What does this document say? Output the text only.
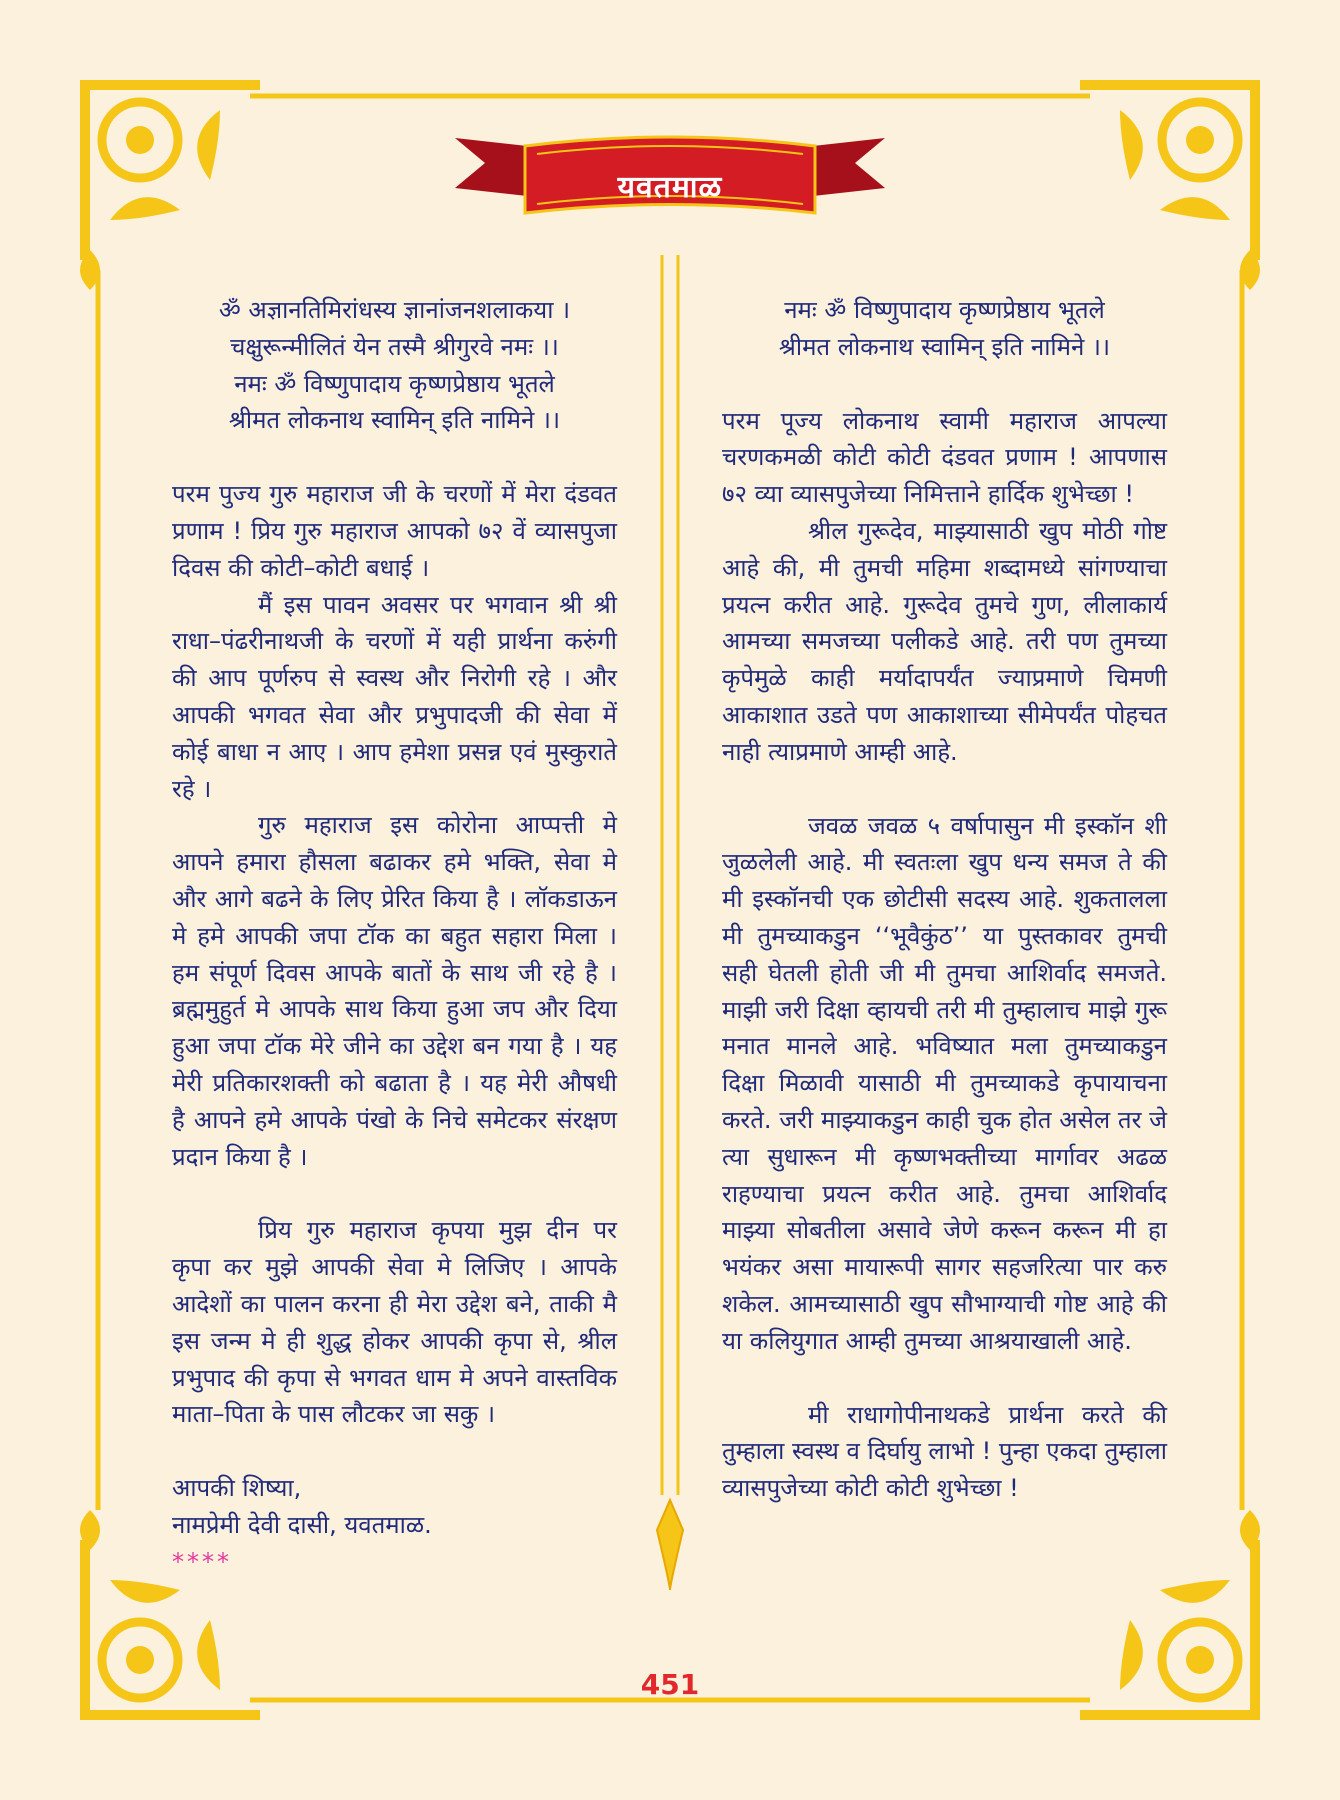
यवतमाळ

ॐ अज्ञानतिमिरांधस्य ज्ञानांजनशलाकया ।

चक्षुरून्मीलितं येन तस्मै श्रीगुरवे नमः ।।

नमः ॐ विष्णुपादाय कृष्णप्रेष्ठाय भूतले

श्रीमत लोकनाथ स्वामिन् इति नामिने ।।

परम पुज्य गुरु महाराज जी के चरणों में मेरा दंडवत प्रणाम ! प्रिय गुरु महाराज आपको ७२ वें व्यासपुजा दिवस की कोटी–कोटी बधाई ।

मैं इस पावन अवसर पर भगवान श्री श्री राधा–पंढरीनाथजी के चरणों में यही प्रार्थना करुंगी की आप पूर्णरुप से स्वस्थ और निरोगी रहे । और आपकी भगवत सेवा और प्रभुपादजी की सेवा में कोई बाधा न आए । आप हमेशा प्रसन्न एवं मुस्कुराते रहे ।

गुरु महाराज इस कोरोना आप्पत्ती मे आपने हमारा हौसला बढाकर हमे भक्ति, सेवा मे और आगे बढने के लिए प्रेरित किया है । लॉकडाऊन मे हमे आपकी जपा टॉक का बहुत सहारा मिला । हम संपूर्ण दिवस आपके बातों के साथ जी रहे है । ब्रह्ममुहुर्त मे आपके साथ किया हुआ जप और दिया हुआ जपा टॉक मेरे जीने का उद्देश बन गया है । यह मेरी प्रतिकारशक्ती को बढाता है । यह मेरी औषधी है आपने हमे आपके पंखो के निचे समेटकर संरक्षण प्रदान किया है ।

प्रिय गुरु महाराज कृपया मुझ दीन पर कृपा कर मुझे आपकी सेवा मे लिजिए । आपके आदेशों का पालन करना ही मेरा उद्देश बने, ताकी मै इस जन्म मे ही शुद्ध होकर आपकी कृपा से, श्रील प्रभुपाद की कृपा से भगवत धाम मे अपने वास्तविक माता–पिता के पास लौटकर जा सकु ।

आपकी शिष्या,

नामप्रेमी देवी दासी, यवतमाळ.

****

नमः ॐ विष्णुपादाय कृष्णप्रेष्ठाय भूतले

श्रीमत लोकनाथ स्वामिन् इति नामिने ।।

परम पूज्य लोकनाथ स्वामी महाराज आपल्या चरणकमळी कोटी कोटी दंडवत प्रणाम ! आपणास ७२ व्या व्यासपुजेच्या निमित्ताने हार्दिक शुभेच्छा !

श्रील गुरूदेव, माझ्यासाठी खुप मोठी गोष्ट आहे की, मी तुमची महिमा शब्दामध्ये सांगण्याचा प्रयत्न करीत आहे. गुरूदेव तुमचे गुण, लीलाकार्य आमच्या समजच्या पलीकडे आहे. तरी पण तुमच्या कृपेमुळे काही मर्यादापर्यंत ज्याप्रमाणे चिमणी आकाशात उडते पण आकाशाच्या सीमेपर्यंत पोहचत नाही त्याप्रमाणे आम्ही आहे.

जवळ जवळ ५ वर्षापासुन मी इस्कॉन शी जुळलेली आहे. मी स्वतःला खुप धन्य समज ते की मी इस्कॉनची एक छोटीसी सदस्य आहे. शुकतालला मी तुमच्याकडुन ‘‘भूवैकुंठ’’ या पुस्तकावर तुमची सही घेतली होती जी मी तुमचा आशिर्वाद समजते. माझी जरी दिक्षा व्हायची तरी मी तुम्हालाच माझे गुरू मनात मानले आहे. भविष्यात मला तुमच्याकडुन दिक्षा मिळावी यासाठी मी तुमच्याकडे कृपायाचना करते. जरी माझ्याकडुन काही चुक होत असेल तर जे त्या सुधारून मी कृष्णभक्तीच्या मार्गावर अढळ राहण्याचा प्रयत्न करीत आहे. तुमचा आशिर्वाद माझ्या सोबतीला असावे जेणे करून करून मी हा भयंकर असा मायारूपी सागर सहजरित्या पार करु शकेल. आमच्यासाठी खुप सौभाग्याची गोष्ट आहे की या कलियुगात आम्ही तुमच्या आश्रयाखाली आहे.

मी राधागोपीनाथकडे प्रार्थना करते की तुम्हाला स्वस्थ व दिर्घायु लाभो ! पुन्हा एकदा तुम्हाला व्यासपुजेच्या कोटी कोटी शुभेच्छा !

451
